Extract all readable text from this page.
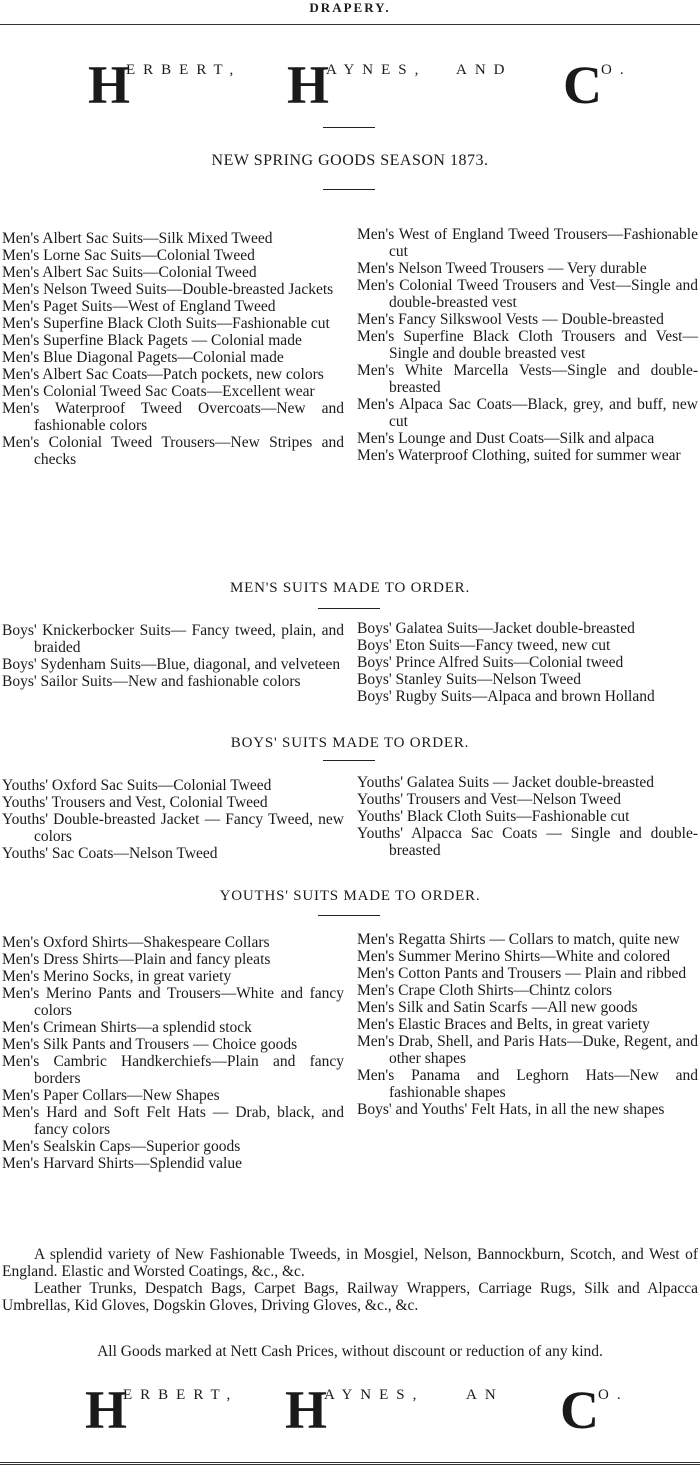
DRAPERY.
H
ERBERT, H
AYNES, AND C O.
NEW SPRING GOODS SEASON 1873.
Men's Albert Sac Suits—Silk Mixed Tweed
Men's Lorne Sac Suits—Colonial Tweed
Men's Albert Sac Suits—Colonial Tweed
Men's Nelson Tweed Suits—Double-breasted Jackets
Men's Paget Suits—West of England Tweed
Men's Superfine Black Cloth Suits—Fashionable cut
Men's Superfine Black Pagets — Colonial made
Men's Blue Diagonal Pagets—Colonial made
Men's Albert Sac Coats—Patch pockets, new colors
Men's Colonial Tweed Sac Coats—Excellent wear
Men's Waterproof Tweed Overcoats—New and fashionable colors
Men's Colonial Tweed Trousers—New Stripes and checks
Men's West of England Tweed Trousers—Fashionable cut
Men's Nelson Tweed Trousers — Very durable
Men's Colonial Tweed Trousers and Vest—Single and double-breasted vest
Men's Fancy Silkswool Vests — Double-breasted
Men's Superfine Black Cloth Trousers and Vest—Single and double breasted vest
Men's White Marcella Vests—Single and double-breasted
Men's Alpaca Sac Coats—Black, grey, and buff, new cut
Men's Lounge and Dust Coats—Silk and alpaca
Men's Waterproof Clothing, suited for summer wear
MEN'S SUITS MADE TO ORDER.
Boys' Knickerbocker Suits— Fancy tweed, plain, and braided
Boys' Sydenham Suits—Blue, diagonal, and velveteen
Boys' Sailor Suits—New and fashionable colors
Boys' Galatea Suits—Jacket double-breasted
Boys' Eton Suits—Fancy tweed, new cut
Boys' Prince Alfred Suits—Colonial tweed
Boys' Stanley Suits—Nelson Tweed
Boys' Rugby Suits—Alpaca and brown Holland
BOYS' SUITS MADE TO ORDER.
Youths' Oxford Sac Suits—Colonial Tweed
Youths' Trousers and Vest, Colonial Tweed
Youths' Double-breasted Jacket — Fancy Tweed, new colors
Youths' Sac Coats—Nelson Tweed
Youths' Galatea Suits — Jacket double-breasted
Youths' Trousers and Vest—Nelson Tweed
Youths' Black Cloth Suits—Fashionable cut
Youths' Alpacca Sac Coats — Single and double-breasted
YOUTHS' SUITS MADE TO ORDER.
Men's Oxford Shirts—Shakespeare Collars
Men's Dress Shirts—Plain and fancy pleats
Men's Merino Socks, in great variety
Men's Merino Pants and Trousers—White and fancy colors
Men's Crimean Shirts—a splendid stock
Men's Silk Pants and Trousers — Choice goods
Men's Cambric Handkerchiefs—Plain and fancy borders
Men's Paper Collars—New Shapes
Men's Hard and Soft Felt Hats — Drab, black, and fancy colors
Men's Sealskin Caps—Superior goods
Men's Harvard Shirts—Splendid value
Men's Regatta Shirts — Collars to match, quite new
Men's Summer Merino Shirts—White and colored
Men's Cotton Pants and Trousers — Plain and ribbed
Men's Crape Cloth Shirts—Chintz colors
Men's Silk and Satin Scarfs —All new goods
Men's Elastic Braces and Belts, in great variety
Men's Drab, Shell, and Paris Hats—Duke, Regent, and other shapes
Men's Panama and Leghorn Hats—New and fashionable shapes
Boys' and Youths' Felt Hats, in all the new shapes

A splendid variety of New Fashionable Tweeds, in Mosgiel, Nelson, Bannockburn, Scotch, and West of England. Elastic and Worsted Coatings, &c., &c.

Leather Trunks, Despatch Bags, Carpet Bags, Railway Wrappers, Carriage Rugs, Silk and Alpacca Umbrellas, Kid Gloves, Dogskin Gloves, Driving Gloves, &c., &c.

All Goods marked at Nett Cash Prices, without discount or reduction of any kind.
H
ERBERT, H
AYNES,	AN C O.
